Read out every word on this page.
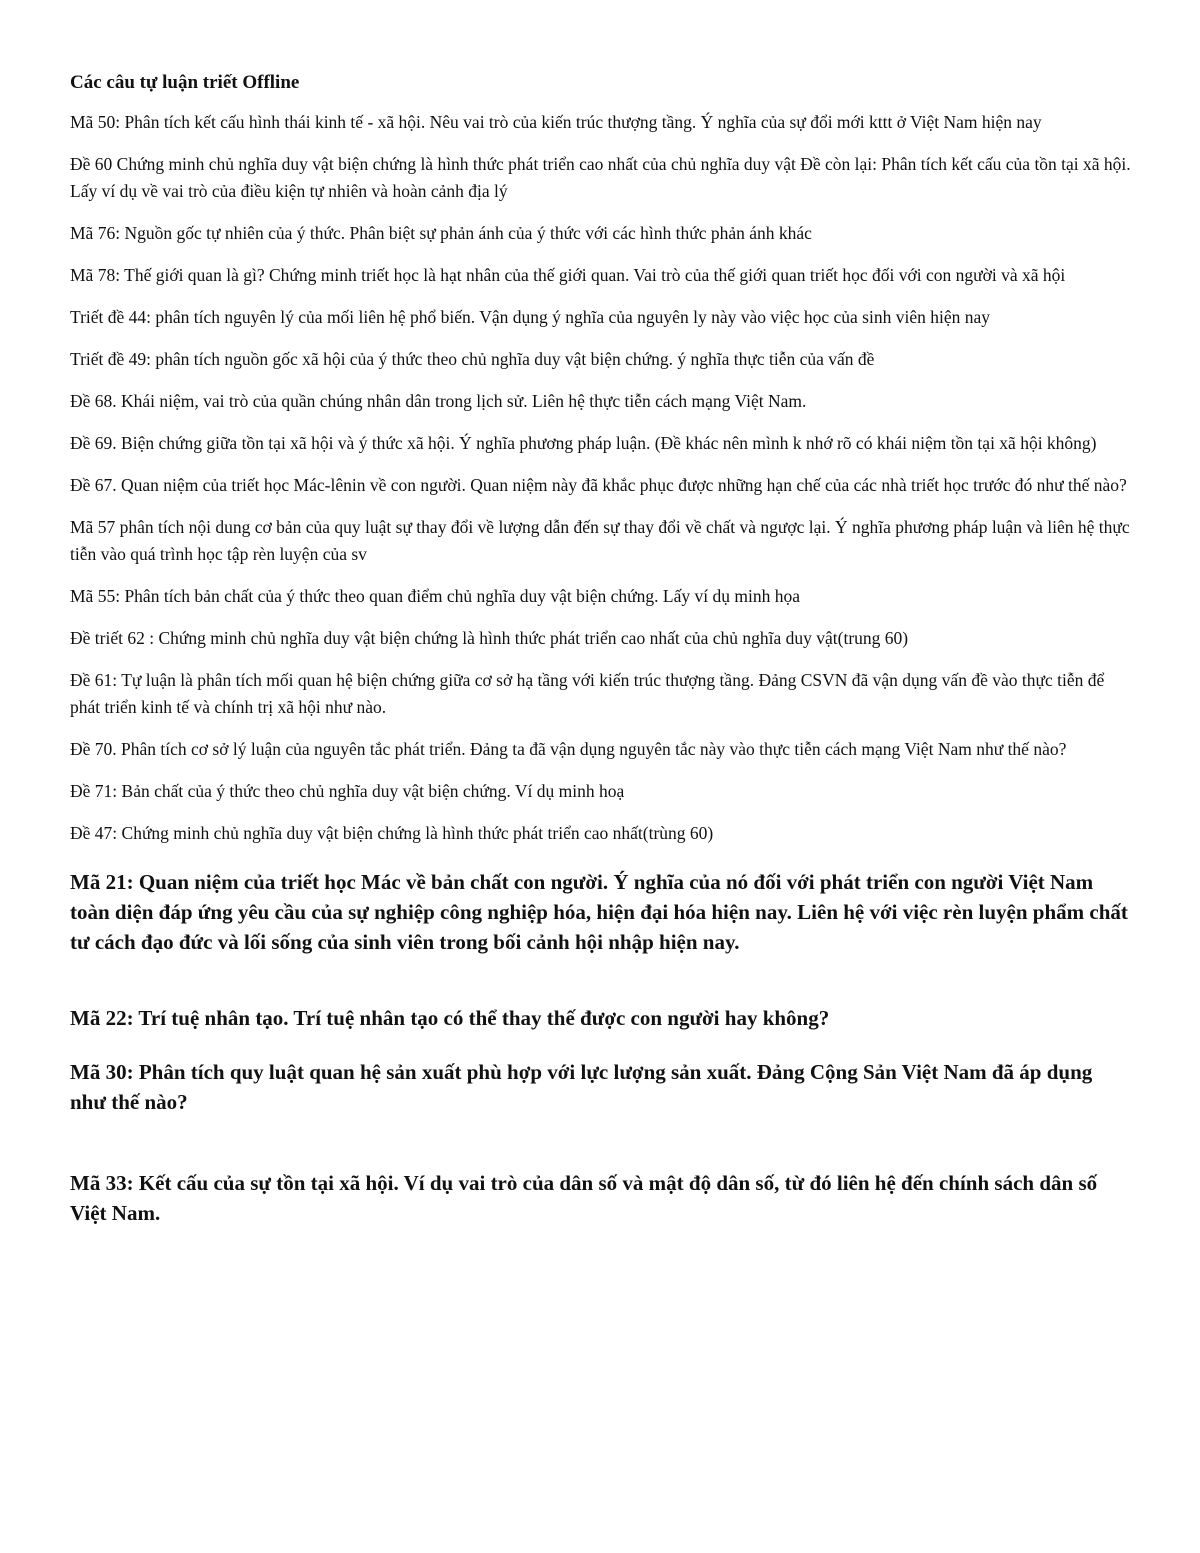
Các câu tự luận triết Offline

Mã 50: Phân tích kết cấu hình thái kinh tế - xã hội. Nêu vai trò của kiến trúc thượng tầng. Ý nghĩa của sự đổi mới kttt ở Việt Nam hiện nay

Đề 60 Chứng minh chủ nghĩa duy vật biện chứng là hình thức phát triển cao nhất của chủ nghĩa duy vật Đề còn lại: Phân tích kết cấu của tồn tại xã hội. Lấy ví dụ về vai trò của điều kiện tự nhiên và hoàn cảnh địa lý

Mã 76: Nguồn gốc tự nhiên của ý thức. Phân biệt sự phản ánh của ý thức với các hình thức phản ánh khác

Mã 78: Thế giới quan là gì? Chứng minh triết học là hạt nhân của thế giới quan. Vai trò của thế giới quan triết học đối với con người và xã hội

Triết đề 44: phân tích nguyên lý của mối liên hệ phổ biến. Vận dụng ý nghĩa của nguyên ly này vào việc học của sinh viên hiện nay

Triết đề 49: phân tích nguồn gốc xã hội của ý thức theo chủ nghĩa duy vật biện chứng. ý nghĩa thực tiễn của vấn đề

Đề 68. Khái niệm, vai trò của quần chúng nhân dân trong lịch sử. Liên hệ thực tiễn cách mạng Việt Nam.

Đề 69. Biện chứng giữa tồn tại xã hội và ý thức xã hội. Ý nghĩa phương pháp luận. (Đề khác nên mình k nhớ rõ có khái niệm tồn tại xã hội không)

Đề 67. Quan niệm của triết học Mác-lênin về con người. Quan niệm này đã khắc phục được những hạn chế của các nhà triết học trước đó như thế nào?

Mã 57 phân tích nội dung cơ bản của quy luật sự thay đổi về lượng dẫn đến sự thay đổi về chất và ngược lại. Ý nghĩa phương pháp luận và liên hệ thực tiễn vào quá trình học tập rèn luyện của sv

Mã 55: Phân tích bản chất của ý thức theo quan điểm chủ nghĩa duy vật biện chứng. Lấy ví dụ minh họa

Đề triết 62 : Chứng minh chủ nghĩa duy vật biện chứng là hình thức phát triển cao nhất của chủ nghĩa duy vật(trung 60)

Đề 61: Tự luận là phân tích mối quan hệ biện chứng giữa cơ sở hạ tầng với kiến trúc thượng tầng. Đảng CSVN đã vận dụng vấn đề vào thực tiễn để phát triển kinh tế và chính trị xã hội như nào.

Đề 70. Phân tích cơ sở lý luận của nguyên tắc phát triển. Đảng ta đã vận dụng nguyên tắc này vào thực tiễn cách mạng Việt Nam như thế nào?

Đề 71: Bản chất của ý thức theo chủ nghĩa duy vật biện chứng. Ví dụ minh hoạ

Đề 47: Chứng minh chủ nghĩa duy vật biện chứng là hình thức phát triển cao nhất(trùng 60)

Mã 21: Quan niệm của triết học Mác về bản chất con người. Ý nghĩa của nó đối với phát triển con người Việt Nam toàn diện đáp ứng yêu cầu của sự nghiệp công nghiệp hóa, hiện đại hóa hiện nay. Liên hệ với việc rèn luyện phẩm chất tư cách đạo đức và lối sống của sinh viên trong bối cảnh hội nhập hiện nay.

Mã 22: Trí tuệ nhân tạo. Trí tuệ nhân tạo có thể thay thế được con người hay không?

Mã 30: Phân tích quy luật quan hệ sản xuất phù hợp với lực lượng sản xuất. Đảng Cộng Sản Việt Nam đã áp dụng như thế nào?

Mã 33: Kết cấu của sự tồn tại xã hội. Ví dụ vai trò của dân số và mật độ dân số, từ đó liên hệ đến chính sách dân số Việt Nam.
